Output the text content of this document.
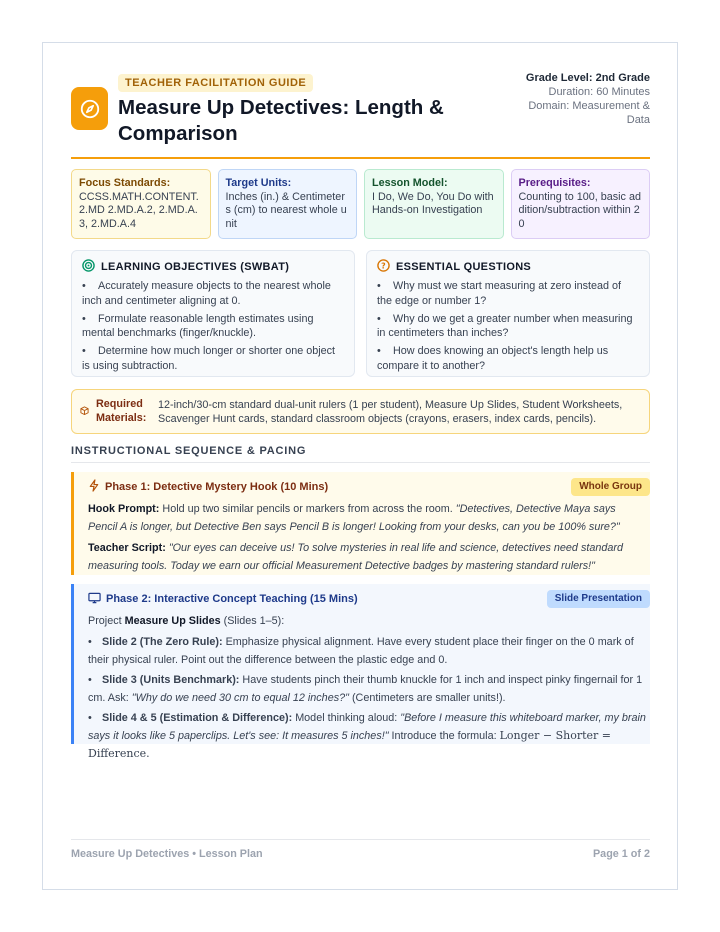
TEACHER FACILITATION GUIDE
Measure Up Detectives: Length & Comparison
Grade Level: 2nd Grade
Duration: 60 Minutes
Domain: Measurement & Data
Focus Standards:
CCSS.MATH.CONTENT.2.MD 2.MD.A.2, 2.MD.A.3, 2.MD.A.4
Target Units:
Inches (in.) & Centimeters (cm) to nearest whole unit
Lesson Model:
I Do, We Do, You Do with Hands-on Investigation
Prerequisites:
Counting to 100, basic addition/subtraction within 20
LEARNING OBJECTIVES (SWBAT)
• Accurately measure objects to the nearest whole inch and centimeter aligning at 0.
• Formulate reasonable length estimates using mental benchmarks (finger/knuckle).
• Determine how much longer or shorter one object is using subtraction.
? ESSENTIAL QUESTIONS
• Why must we start measuring at zero instead of the edge or number 1?
• Why do we get a greater number when measuring in centimeters than inches?
• How does knowing an object's length help us compare it to another?
Required Materials:
12-inch/30-cm standard dual-unit rulers (1 per student), Measure Up Slides, Student Worksheets, Scavenger Hunt cards, standard classroom objects (crayons, erasers, index cards, pencils).
INSTRUCTIONAL SEQUENCE & PACING
Phase 1: Detective Mystery Hook (10 Mins)	Whole Group
Hook Prompt: Hold up two similar pencils or markers from across the room. "Detectives, Detective Maya says Pencil A is longer, but Detective Ben says Pencil B is longer! Looking from your desks, can you be 100% sure?"
Teacher Script: "Our eyes can deceive us! To solve mysteries in real life and science, detectives need standard measuring tools. Today we earn our official Measurement Detective badges by mastering standard rulers!"
Phase 2: Interactive Concept Teaching (15 Mins)	Slide Presentation
Project Measure Up Slides (Slides 1–5):
• Slide 2 (The Zero Rule): Emphasize physical alignment. Have every student place their finger on the 0 mark of their physical ruler. Point out the difference between the plastic edge and 0.
• Slide 3 (Units Benchmark): Have students pinch their thumb knuckle for 1 inch and inspect pinky fingernail for 1 cm. Ask: "Why do we need 30 cm to equal 12 inches?" (Centimeters are smaller units!).
• Slide 4 & 5 (Estimation & Difference): Model thinking aloud: "Before I measure this whiteboard marker, my brain says it looks like 5 paperclips. Let's see: It measures 5 inches!" Introduce the formula: Longer − Shorter = Difference.
Measure Up Detectives • Lesson Plan	Page 1 of 2
